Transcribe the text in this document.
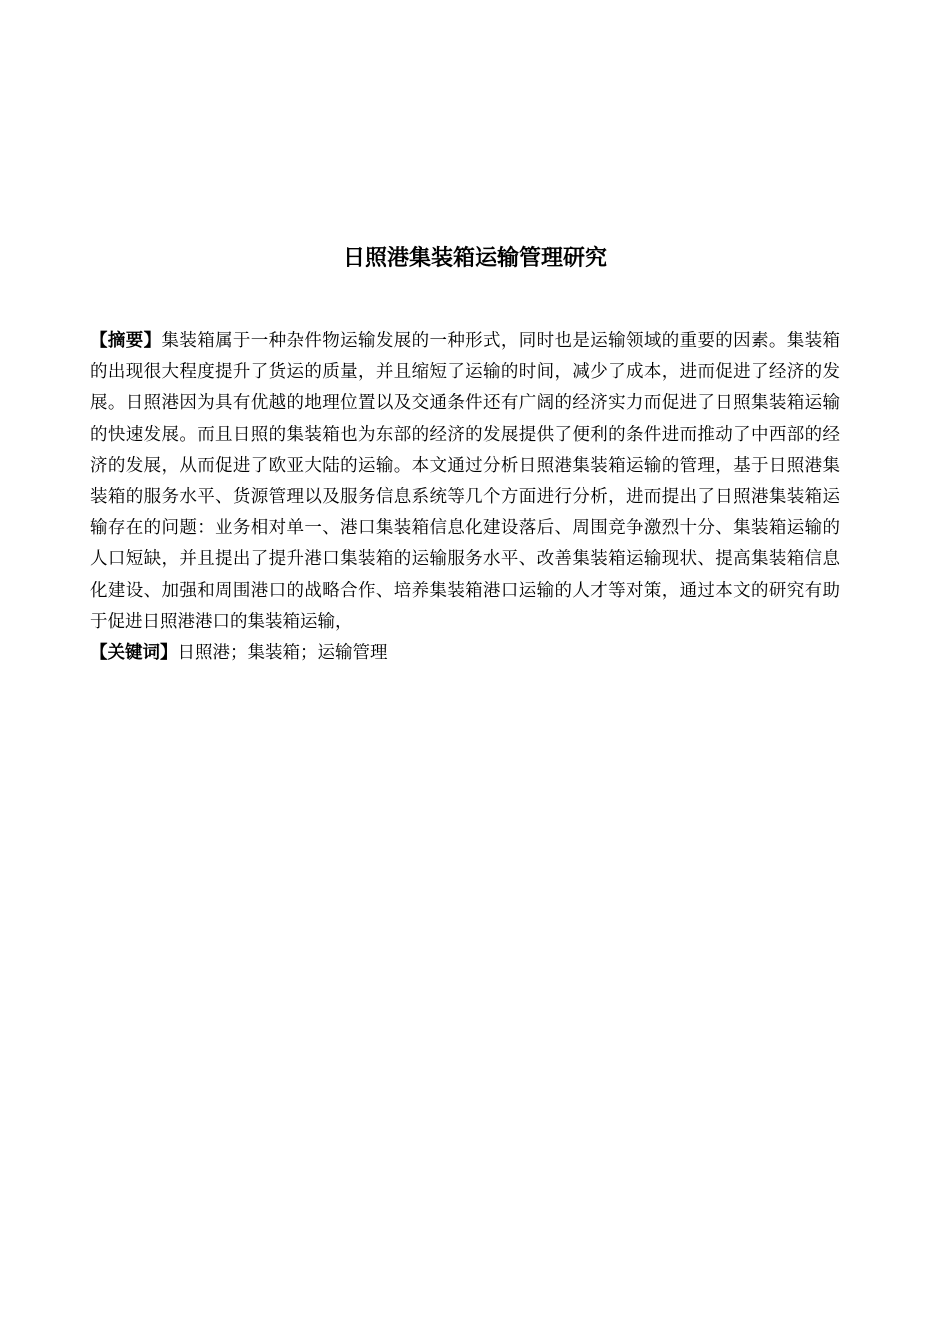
日照港集装箱运输管理研究

【摘要】集装箱属于一种杂件物运输发展的一种形式，同时也是运输领域的重要的因素。集装箱的出现很大程度提升了货运的质量，并且缩短了运输的时间，减少了成本，进而促进了经济的发展。日照港因为具有优越的地理位置以及交通条件还有广阔的经济实力而促进了日照集装箱运输的快速发展。而且日照的集装箱也为东部的经济的发展提供了便利的条件进而推动了中西部的经济的发展，从而促进了欧亚大陆的运输。本文通过分析日照港集装箱运输的管理，基于日照港集装箱的服务水平、货源管理以及服务信息系统等几个方面进行分析，进而提出了日照港集装箱运输存在的问题：业务相对单一、港口集装箱信息化建设落后、周围竞争激烈十分、集装箱运输的人口短缺，并且提出了提升港口集装箱的运输服务水平、改善集装箱运输现状、提高集装箱信息化建设、加强和周围港口的战略合作、培养集装箱港口运输的人才等对策，通过本文的研究有助于促进日照港港口的集装箱运输，

【关键词】日照港；集装箱；运输管理
